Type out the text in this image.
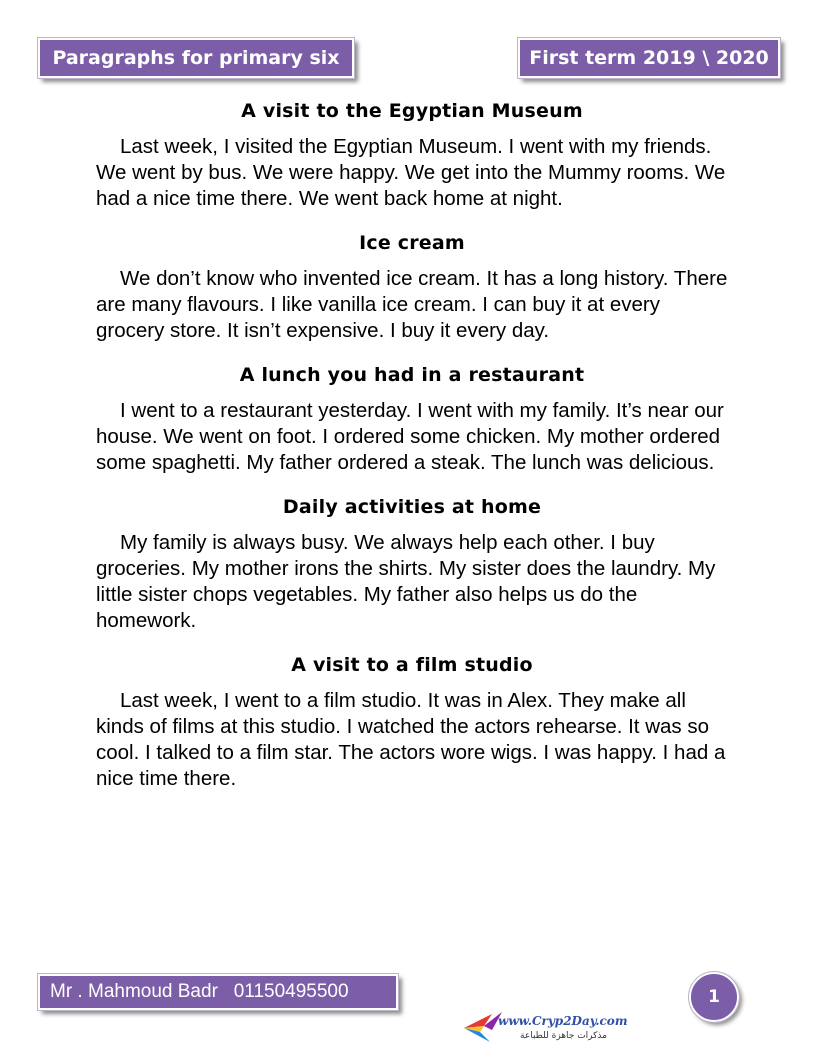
Paragraphs for primary six	First term 2019 \ 2020
A visit to the Egyptian Museum

Last week, I visited the Egyptian Museum. I went with my friends. We went by bus. We were happy. We get into the Mummy rooms. We had a nice time there. We went back home at night.

Ice cream

We don’t know who invented ice cream. It has a long history. There are many flavours. I like vanilla ice cream. I can buy it at every grocery store. It isn’t expensive. I buy it every day.

A lunch you had in a restaurant

I went to a restaurant yesterday. I went with my family. It’s near our house. We went on foot. I ordered some chicken. My mother ordered some spaghetti. My father ordered a steak. The lunch was delicious.

Daily activities at home

My family is always busy. We always help each other. I buy groceries. My mother irons the shirts. My sister does the laundry. My little sister chops vegetables. My father also helps us do the homework.

A visit to a film studio

Last week, I went to a film studio. It was in Alex. They make all kinds of films at this studio. I watched the actors rehearse. It was so cool. I talked to a film star. The actors wore wigs. I was happy. I had a nice time there.

Mr . Mahmoud Badr   01150495500	1
www.Cryp2Day.com
مذكرات جاهزة للطباعة
